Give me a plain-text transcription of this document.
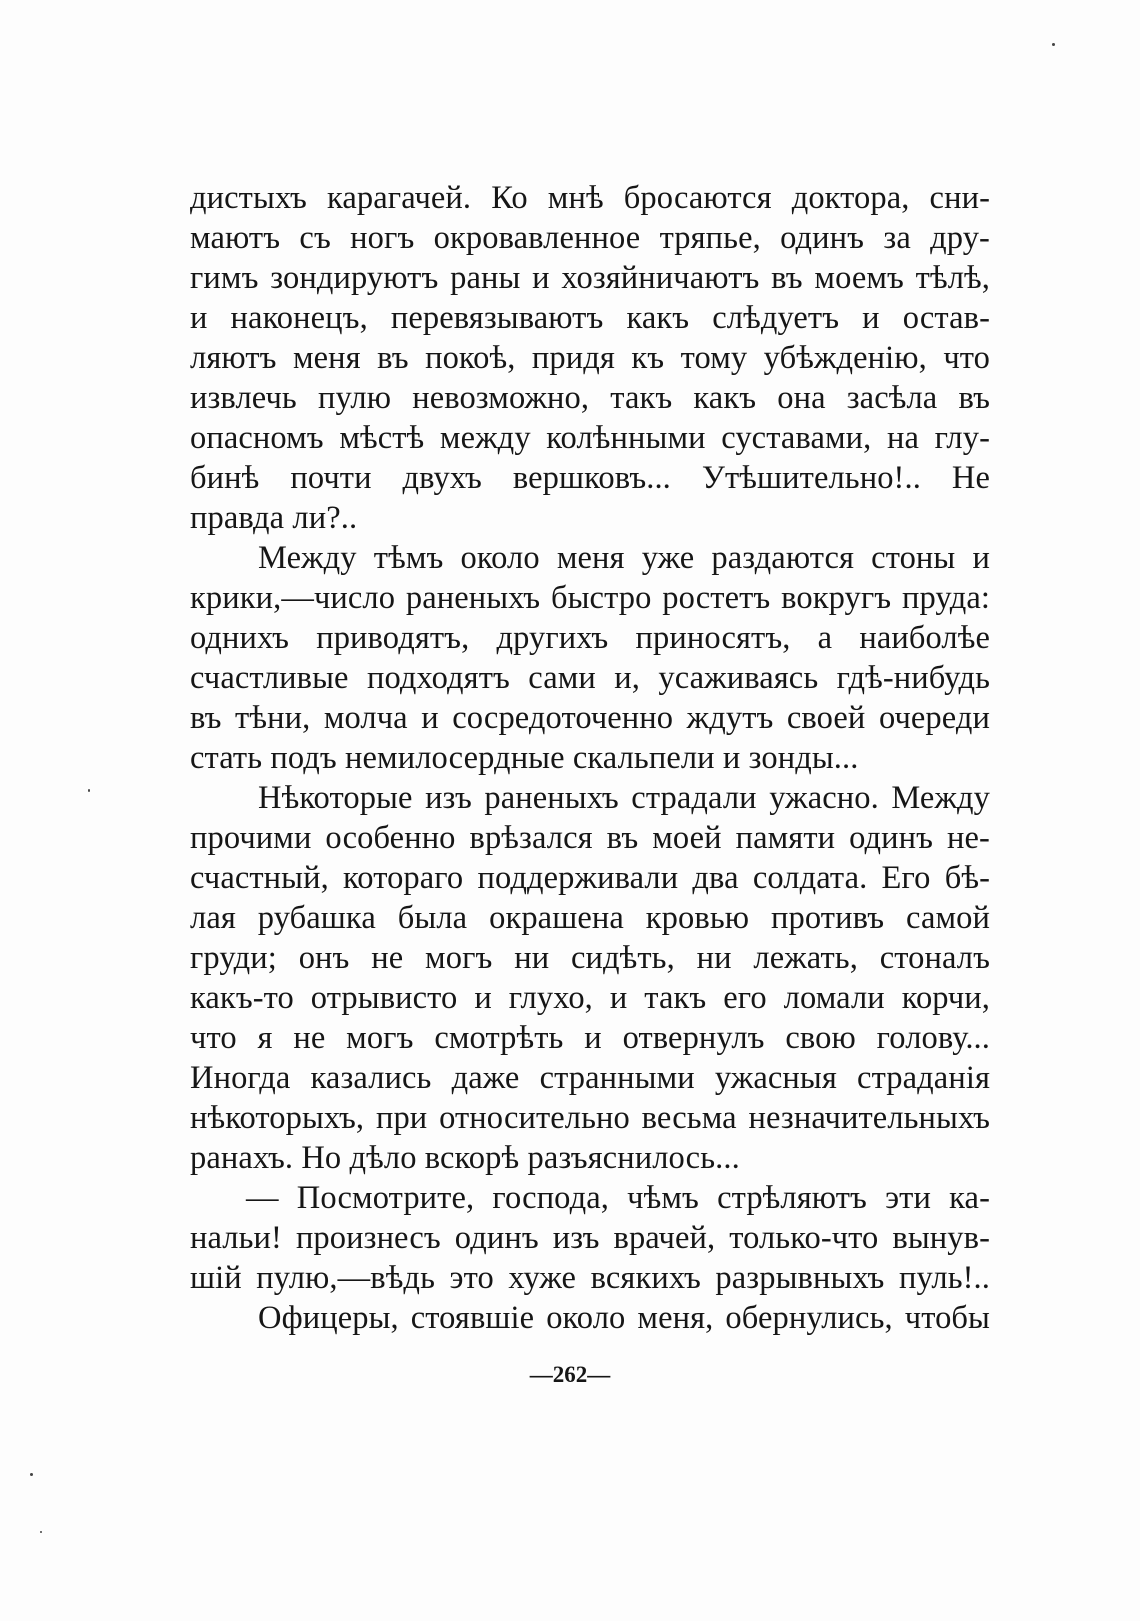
дистыхъ карагачей. Ко мнѣ бросаются доктора, сни-
маютъ съ ногъ окровавленное тряпье, одинъ за дру-
гимъ зондируютъ раны и хозяйничаютъ въ моемъ тѣлѣ,
и наконецъ, перевязываютъ какъ слѣдуетъ и остав-
ляютъ меня въ покоѣ, придя къ тому убѣжденію, что
извлечь пулю невозможно, такъ какъ она засѣла въ
опасномъ мѣстѣ между колѣнными суставами, на глу-
бинѣ почти двухъ вершковъ... Утѣшительно!.. Не
правда ли?..
Между тѣмъ около меня уже раздаются стоны и
крики,—число раненыхъ быстро ростетъ вокругъ пруда:
однихъ приводятъ, другихъ приносятъ, а наиболѣе
счастливые подходятъ сами и, усаживаясь гдѣ-нибудь
въ тѣни, молча и сосредоточенно ждутъ своей очереди
стать подъ немилосердные скальпели и зонды...
Нѣкоторые изъ раненыхъ страдали ужасно. Между
прочими особенно врѣзался въ моей памяти одинъ не-
счастный, котораго поддерживали два солдата. Его бѣ-
лая рубашка была окрашена кровью противъ самой
груди; онъ не могъ ни сидѣть, ни лежать, стоналъ
какъ-то отрывисто и глухо, и такъ его ломали корчи,
что я не могъ смотрѣть и отвернулъ свою голову...
Иногда казались даже странными ужасныя страданія
нѣкоторыхъ, при относительно весьма незначительныхъ
ранахъ. Но дѣло вскорѣ разъяснилось...
— Посмотрите, господа, чѣмъ стрѣляютъ эти ка-
нальи! произнесъ одинъ изъ врачей, только-что вынув-
шій пулю,—вѣдь это хуже всякихъ разрывныхъ пуль!..
Офицеры, стоявшіе около меня, обернулись, чтобы
—262—
